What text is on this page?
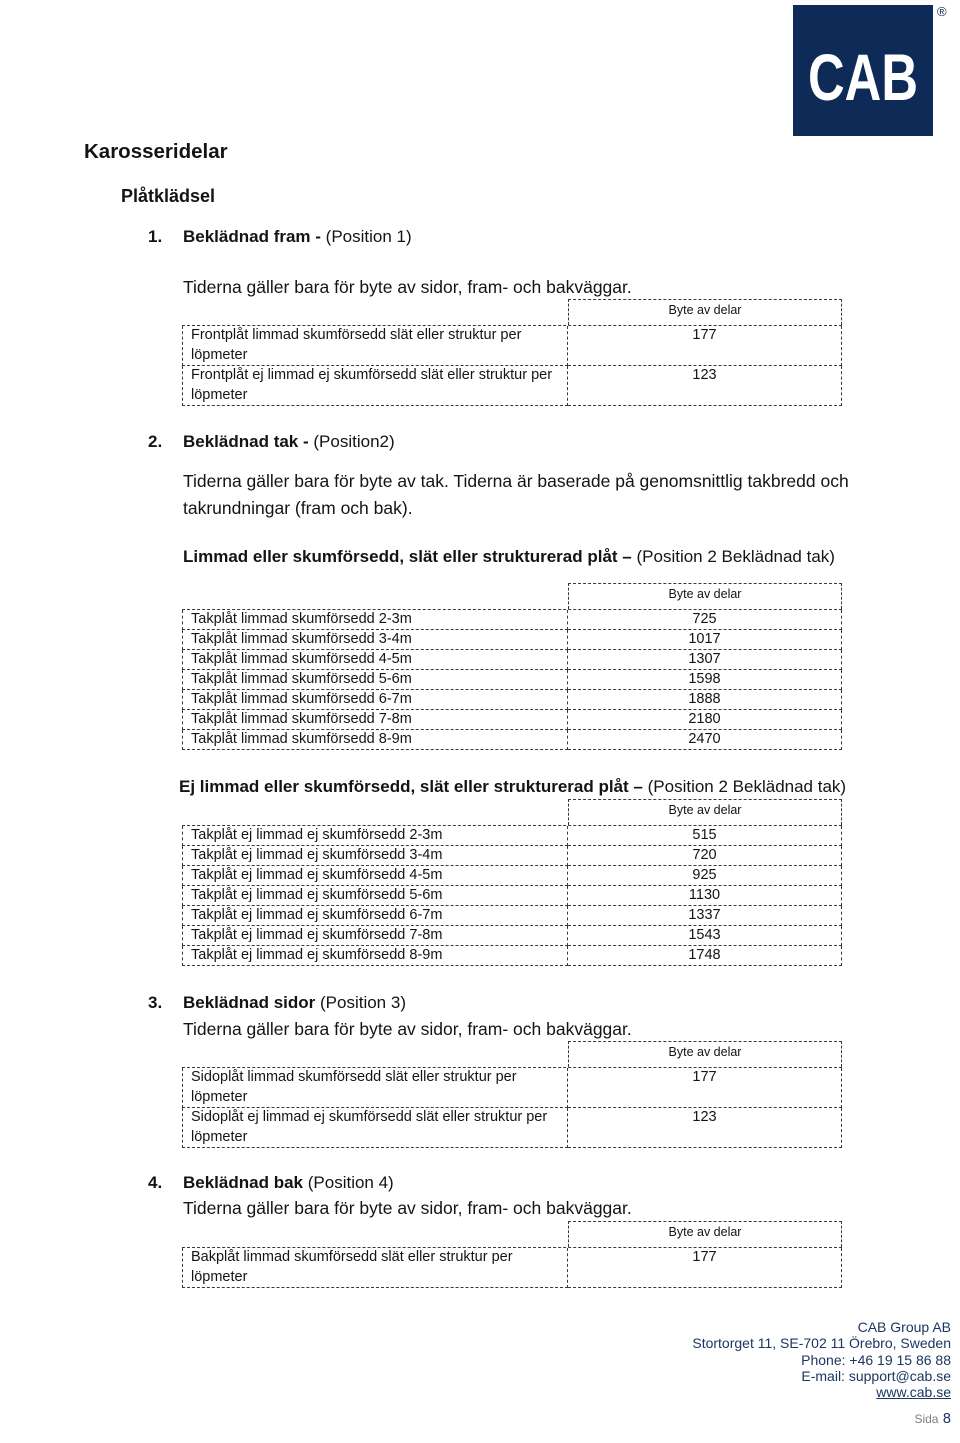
CAB
®
Karosseridelar
Plåtklädsel
1. Beklädnad fram - (Position 1)
Tiderna gäller bara för byte av sidor, fram- och bakväggar.
Byte av delar
Frontplåt limmad skumförsedd slät eller struktur per löpmeter
177
Frontplåt ej limmad ej skumförsedd slät eller struktur per löpmeter
123
2. Beklädnad tak - (Position2)
Tiderna gäller bara för byte av tak. Tiderna är baserade på genomsnittlig takbredd och takrundningar (fram och bak).
Limmad eller skumförsedd, slät eller strukturerad plåt – (Position 2 Beklädnad tak)
Byte av delar
Takplåt limmad skumförsedd 2-3m	725
Takplåt limmad skumförsedd 3-4m	1017
Takplåt limmad skumförsedd 4-5m	1307
Takplåt limmad skumförsedd 5-6m	1598
Takplåt limmad skumförsedd 6-7m	1888
Takplåt limmad skumförsedd 7-8m	2180
Takplåt limmad skumförsedd 8-9m	2470
Ej limmad eller skumförsedd, slät eller strukturerad plåt – (Position 2 Beklädnad tak)
Byte av delar
Takplåt ej limmad ej skumförsedd 2-3m	515
Takplåt ej limmad ej skumförsedd 3-4m	720
Takplåt ej limmad ej skumförsedd 4-5m	925
Takplåt ej limmad ej skumförsedd 5-6m	1130
Takplåt ej limmad ej skumförsedd 6-7m	1337
Takplåt ej limmad ej skumförsedd 7-8m	1543
Takplåt ej limmad ej skumförsedd 8-9m	1748
3. Beklädnad sidor (Position 3)
Tiderna gäller bara för byte av sidor, fram- och bakväggar.
Byte av delar
Sidoplåt limmad skumförsedd slät eller struktur per löpmeter
177
Sidoplåt ej limmad ej skumförsedd slät eller struktur per löpmeter
123
4. Beklädnad bak (Position 4)
Tiderna gäller bara för byte av sidor, fram- och bakväggar.
Byte av delar
Bakplåt limmad skumförsedd slät eller struktur per löpmeter
177
CAB Group AB
Stortorget 11, SE-702 11 Örebro, Sweden
Phone: +46 19 15 86 88
E-mail: support@cab.se
www.cab.se
Sida 8
